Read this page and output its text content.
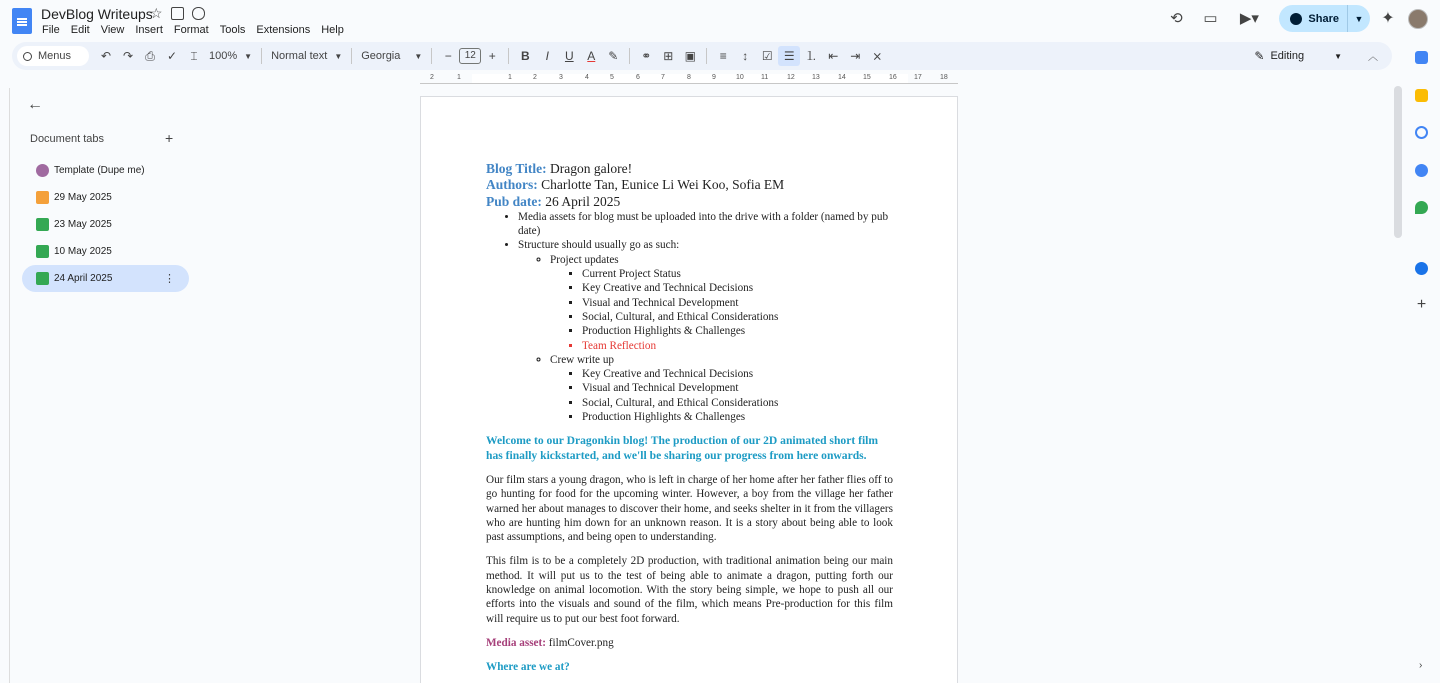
DevBlog Writeups
☆
File Edit View Insert Format Tools Extensions Help
⟲ ▭ ▶▾	Share	▼	✦
Menus	↶ ↷	⎙	✓	⌶	100% ▼ Normal text ▼ Georgia ▼	−	12	+	B	I	U	A	✎	⚭ ⊞ ▣	≡	↕	☑ ☰ ⒈ ⇤ ⇥ ⨯	✎ Editing	▼	︿
+
2	1	1	2	3	4	5	6	7	8	9	10 11	12 13	14 15	16 17	18
←
Document tabs	+
Template (Dupe me)
29 May 2025
23 May 2025
10 May 2025
24 April 2025	⋮
Blog Title: Dragon galore!
Authors: Charlotte Tan, Eunice Li Wei Koo, Sofia EM
Pub date: 26 April 2025
• Media assets for blog must be uploaded into the drive with a folder (named by pub date)
• Structure should usually go as such:
◦ Project updates
▪ Current Project Status
▪ Key Creative and Technical Decisions
▪ Visual and Technical Development
▪ Social, Cultural, and Ethical Considerations
▪ Production Highlights & Challenges
▪ Team Reflection
◦ Crew write up
▪ Key Creative and Technical Decisions
▪ Visual and Technical Development
▪ Social, Cultural, and Ethical Considerations
▪ Production Highlights & Challenges
Welcome to our Dragonkin blog! The production of our 2D animated short film has finally kickstarted, and we'll be sharing our progress from here onwards.
Our film stars a young dragon, who is left in charge of her home after her father flies off to go hunting for food for the upcoming winter. However, a boy from the village her father warned her about manages to discover their home, and seeks shelter in it from the villagers who are hunting him down for an unknown reason. It is a story about being able to look past assumptions, and being open to understanding.
This film is to be a completely 2D production, with traditional animation being our main method. It will put us to the test of being able to animate a dragon, putting forth our knowledge on animal locomotion. With the story being simple, we hope to push all our efforts into the visuals and sound of the film, which means Pre-production for this film will require us to put our best foot forward.
Media asset: filmCover.png
Where are we at?	›
